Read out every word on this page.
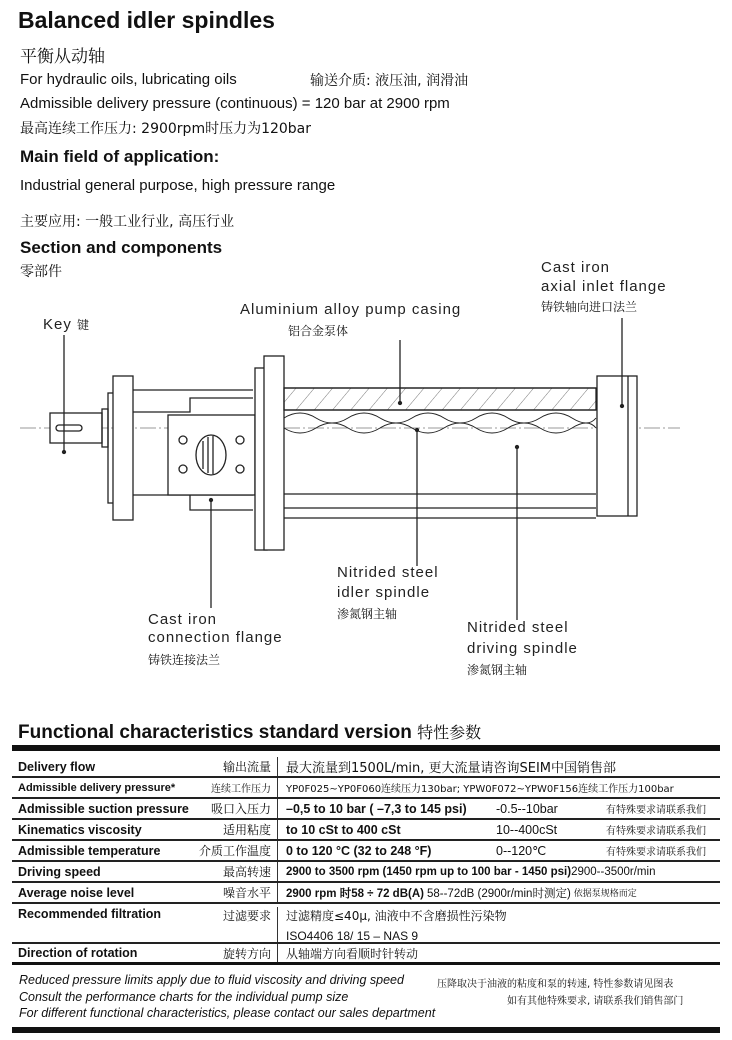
Balanced idler spindles
平衡从动轴
For hydraulic oils, lubricating oils	输送介质: 液压油, 润滑油
Admissible delivery pressure (continuous) = 120 bar at 2900 rpm
最高连续工作压力: 2900rpm时压力为120bar
Main field of application:
Industrial general purpose, high pressure range
主要应用: 一般工业行业, 高压行业
Section and components
零部件
Key 键
Cast iron
axial inlet flange
铸铁轴向进口法兰
Aluminium alloy pump casing
铝合金泵体
Nitrided steel
idler spindle
渗氮钢主轴
Cast iron
connection flange
铸铁连接法兰
Nitrided steel
driving spindle
渗氮钢主轴
Functional characteristics standard version 特性参数
Delivery flow	输出流量 最大流量到1500L/min, 更大流量请咨询SEIM中国销售部
Admissible delivery pressure*	连续工作压力 YP0F025~YP0F060连续压力130bar; YPW0F072~YPW0F156连续工作压力100bar
Admissible suction pressure 吸口入压力 –0,5 to 10 bar ( –7,3 to 145 psi)	-0.5--10bar	有特殊要求请联系我们
Kinematics viscosity	适用粘度 to 10 cSt to 400 cSt	10--400cSt	有特殊要求请联系我们
Admissible temperature	介质工作温度 0 to 120 °C (32 to 248 °F)	0--120℃	有特殊要求请联系我们
Driving speed	最高转速 2900 to 3500 rpm (1450 rpm up to 100 bar - 1450 psi) 2900--3500r/min
Average noise level	噪音水平 2900 rpm 时58 ÷ 72 dB(A) 58--72dB (2900r/min时测定) 依据泵规格而定
Recommended filtration	过滤要求 过滤精度≤40μ, 油液中不含磨损性污染物
ISO4406 18/ 15 – NAS 9
Direction of rotation	旋转方向 从轴端方向看顺时针转动
Reduced pressure limits apply due to fluid viscosity and driving speed	压降取决于油液的粘度和泵的转速, 特性参数请见图表
Consult the performance charts for the individual pump size	如有其他特殊要求, 请联系我们销售部门
For different functional characteristics, please contact our sales department
